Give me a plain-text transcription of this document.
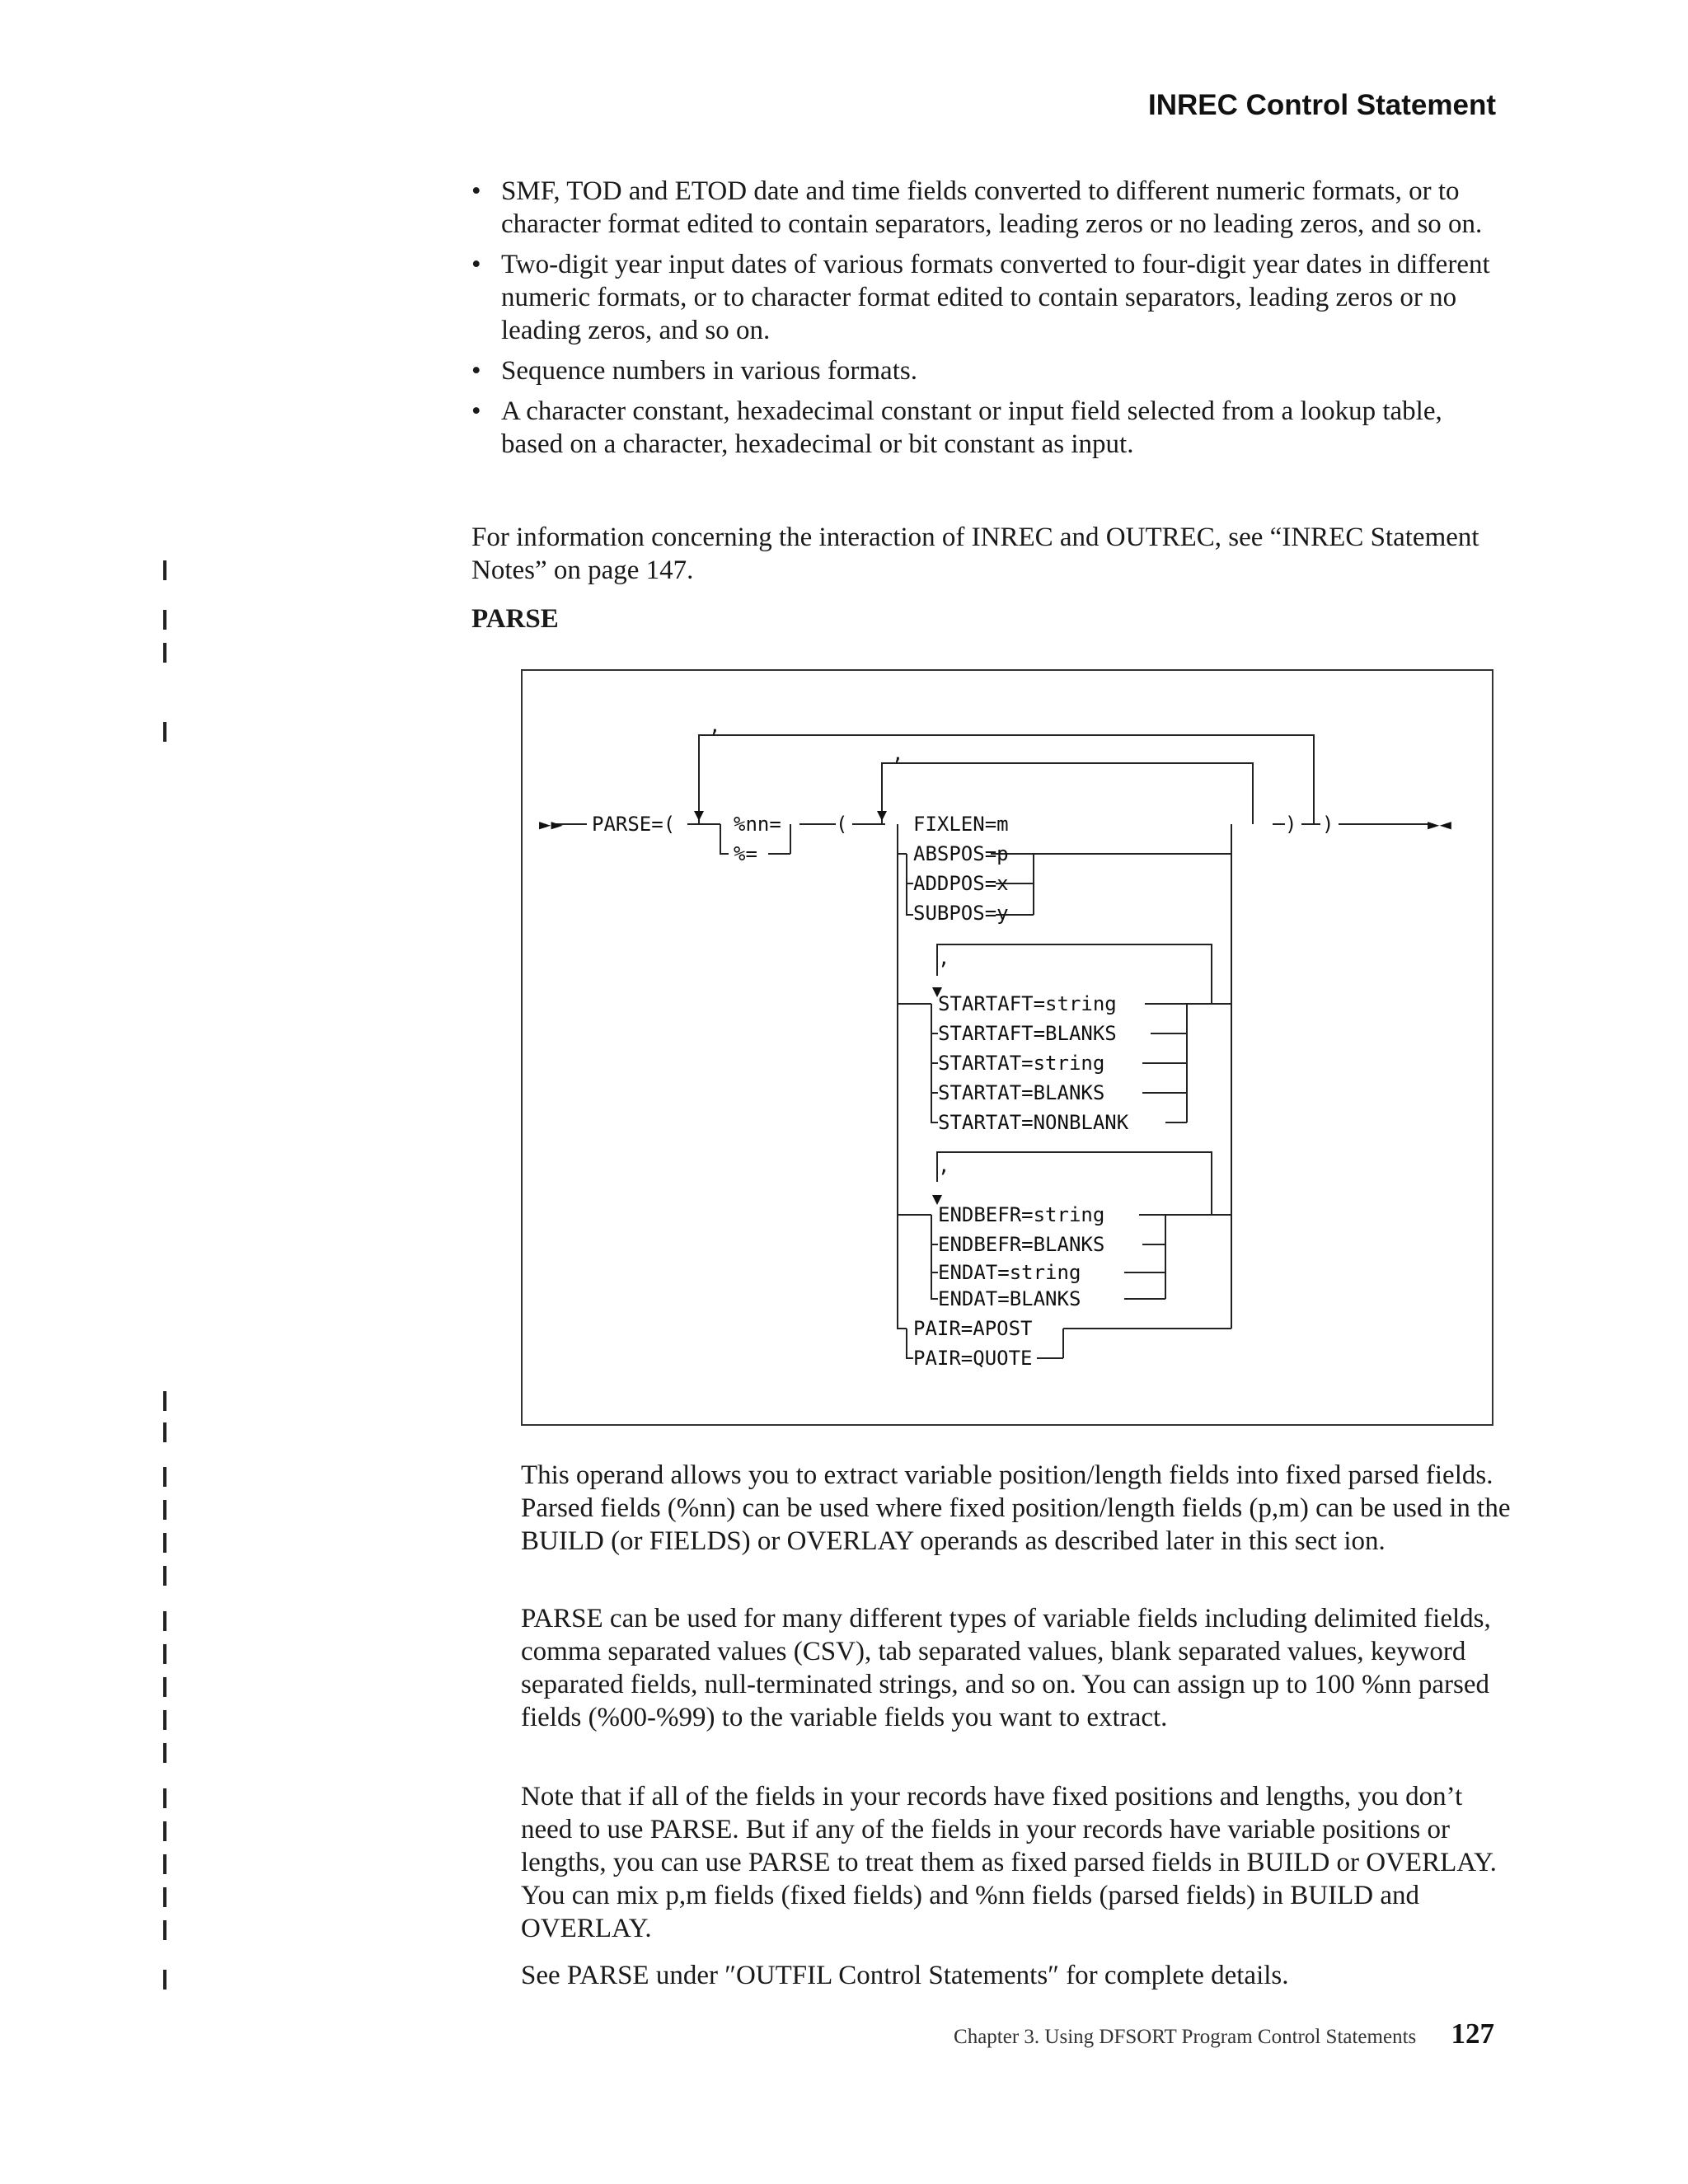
INREC Control Statement
• SMF, TOD and ETOD date and time fields converted to different numeric formats, or to character format edited to contain separators, leading zeros or no leading zeros, and so on.
• Two-digit year input dates of various formats converted to four-digit year dates in different numeric formats, or to character format edited to contain separators, leading zeros or no leading zeros, and so on.
• Sequence numbers in various formats.
• A character constant, hexadecimal constant or input field selected from a lookup table, based on a character, hexadecimal or bit constant as input.

For information concerning the interaction of INREC and OUTREC, see “INREC Statement Notes” on page 147.

PARSE
►►	►◄
PARSE=(
,
,
%nn=
%=
(	FIXLEN=m
ABSPOS=p
ADDPOS=x
SUBPOS=y
,
STARTAFT=string
STARTAFT=BLANKS
STARTAT=string
STARTAT=BLANKS
STARTAT=NONBLANK
,
ENDBEFR=string
ENDBEFR=BLANKS
ENDAT=string
ENDAT=BLANKS
PAIR=APOST
PAIR=QUOTE
) )

This operand allows you to extract variable position/length fields into fixed parsed fields. Parsed fields (%nn) can be used where fixed position/length fields (p,m) can be used in the BUILD (or FIELDS) or OVERLAY operands as described later in this sect ion.

PARSE can be used for many different types of variable fields including delimited fields, comma separated values (CSV), tab separated values, blank separated values, keyword separated fields, null-terminated strings, and so on. You can assign up to 100 %nn parsed fields (%00-%99) to the variable fields you want to extract.

Note that if all of the fields in your records have fixed positions and lengths, you don’t need to use PARSE. But if any of the fields in your records have variable positions or lengths, you can use PARSE to treat them as fixed parsed fields in BUILD or OVERLAY. You can mix p,m fields (fixed fields) and %nn fields (parsed fields) in BUILD and OVERLAY.

See PARSE under ″OUTFIL Control Statements″ for complete details.

Chapter 3. Using DFSORT Program Control Statements 127
